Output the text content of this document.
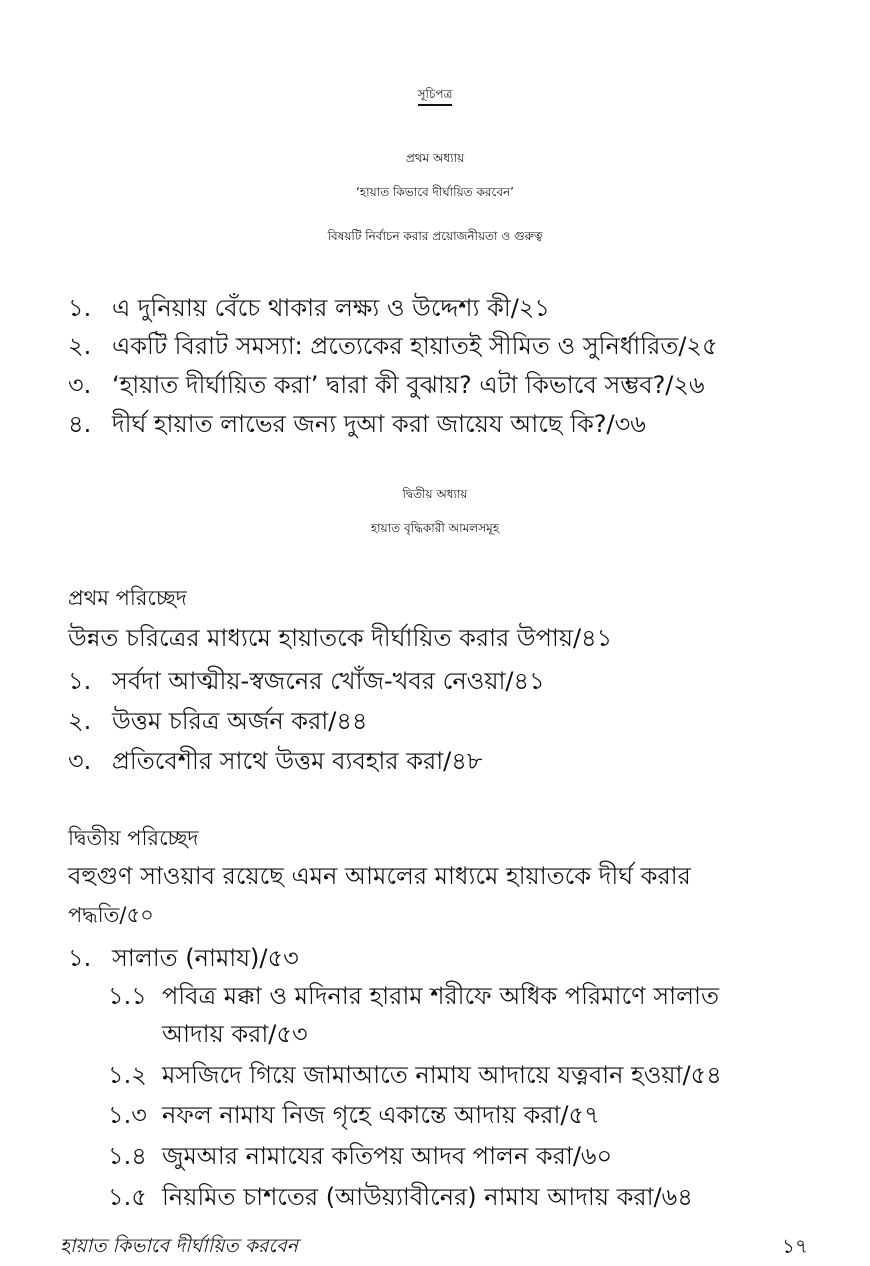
সূচিপত্র
প্রথম অধ্যায়
‘হায়াত কিভাবে দীর্ঘায়িত করবেন’
বিষয়টি নির্বাচন করার প্রয়োজনীয়তা ও গুরুত্ব
১. এ দুনিয়ায় বেঁচে থাকার লক্ষ্য ও উদ্দেশ্য কী/২১
২. একটি বিরাট সমস্যা: প্রত্যেকের হায়াতই সীমিত ও সুনির্ধারিত/২৫
৩. ‘হায়াত দীর্ঘায়িত করা’ দ্বারা কী বুঝায়? এটা কিভাবে সম্ভব?/২৬
৪. দীর্ঘ হায়াত লাভের জন্য দুআ করা জায়েয আছে কি?/৩৬
দ্বিতীয় অধ্যায়
হায়াত বৃদ্ধিকারী আমলসমূহ
প্রথম পরিচ্ছেদ
উন্নত চরিত্রের মাধ্যমে হায়াতকে দীর্ঘায়িত করার উপায়/৪১
১. সর্বদা আত্মীয়-স্বজনের খোঁজ-খবর নেওয়া/৪১
২. উত্তম চরিত্র অর্জন করা/৪৪
৩. প্রতিবেশীর সাথে উত্তম ব্যবহার করা/৪৮
দ্বিতীয় পরিচ্ছেদ
বহুগুণ সাওয়াব রয়েছে এমন আমলের মাধ্যমে হায়াতকে দীর্ঘ করার
পদ্ধতি/৫০
১. সালাত (নামায)/৫৩
১.১ পবিত্র মক্কা ও মদিনার হারাম শরীফে অধিক পরিমাণে সালাত
আদায় করা/৫৩
১.২ মসজিদে গিয়ে জামাআতে নামায আদায়ে যত্নবান হওয়া/৫৪
১.৩ নফল নামায নিজ গৃহে একান্তে আদায় করা/৫৭
১.৪ জুমআর নামাযের কতিপয় আদব পালন করা/৬০
১.৫ নিয়মিত চাশতের (আউয়্যাবীনের) নামায আদায় করা/৬৪
হায়াত কিভাবে দীর্ঘায়িত করবেন	১৭
